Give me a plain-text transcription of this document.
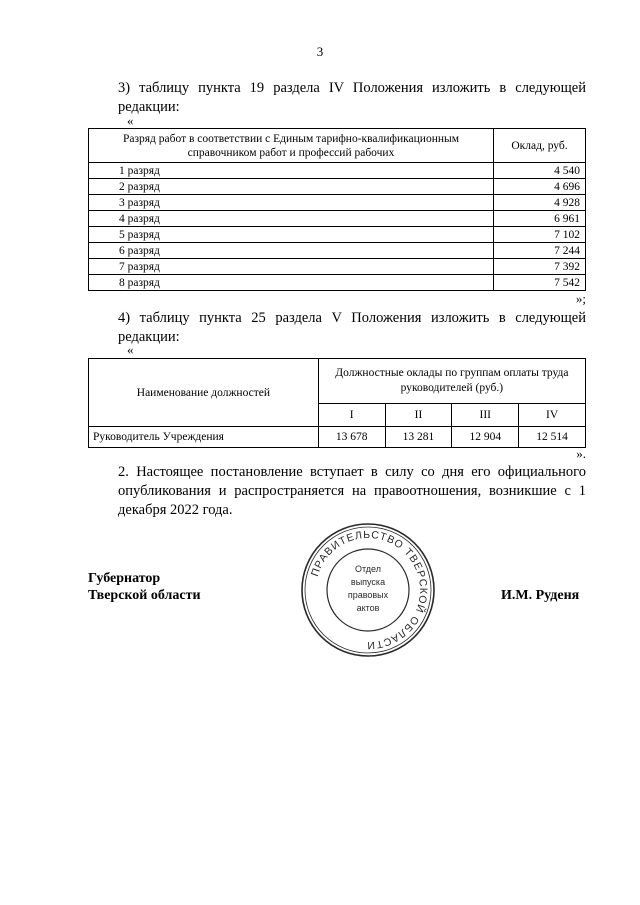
3
3) таблицу пункта 19 раздела IV Положения изложить в следующей редакции:
«
Разряд работ в соответствии с Единым тарифно-квалификационным справочником работ и профессий рабочих	Оклад, руб.
1 разряд	4 540
2 разряд	4 696
3 разряд	4 928
4 разряд	6 961
5 разряд	7 102
6 разряд	7 244
7 разряд	7 392
8 разряд	7 542
»;
4) таблицу пункта 25 раздела V Положения изложить в следующей редакции:
«
Наименование должностей	Должностные оклады по группам оплаты труда руководителей (руб.)			
	I	II	III	IV
Руководитель Учреждения	13 678	13 281	12 904	12 514
».
2. Настоящее постановление вступает в силу со дня его официального опубликования и распространяется на правоотношения, возникшие с 1 декабря 2022 года.
Губернатор
Тверской области	И.М. Руденя
ПРАВИТЕЛЬСТВО ТВЕРСКОЙ ОБЛАСТИ
Отдел
выпуска
правовых
актов
